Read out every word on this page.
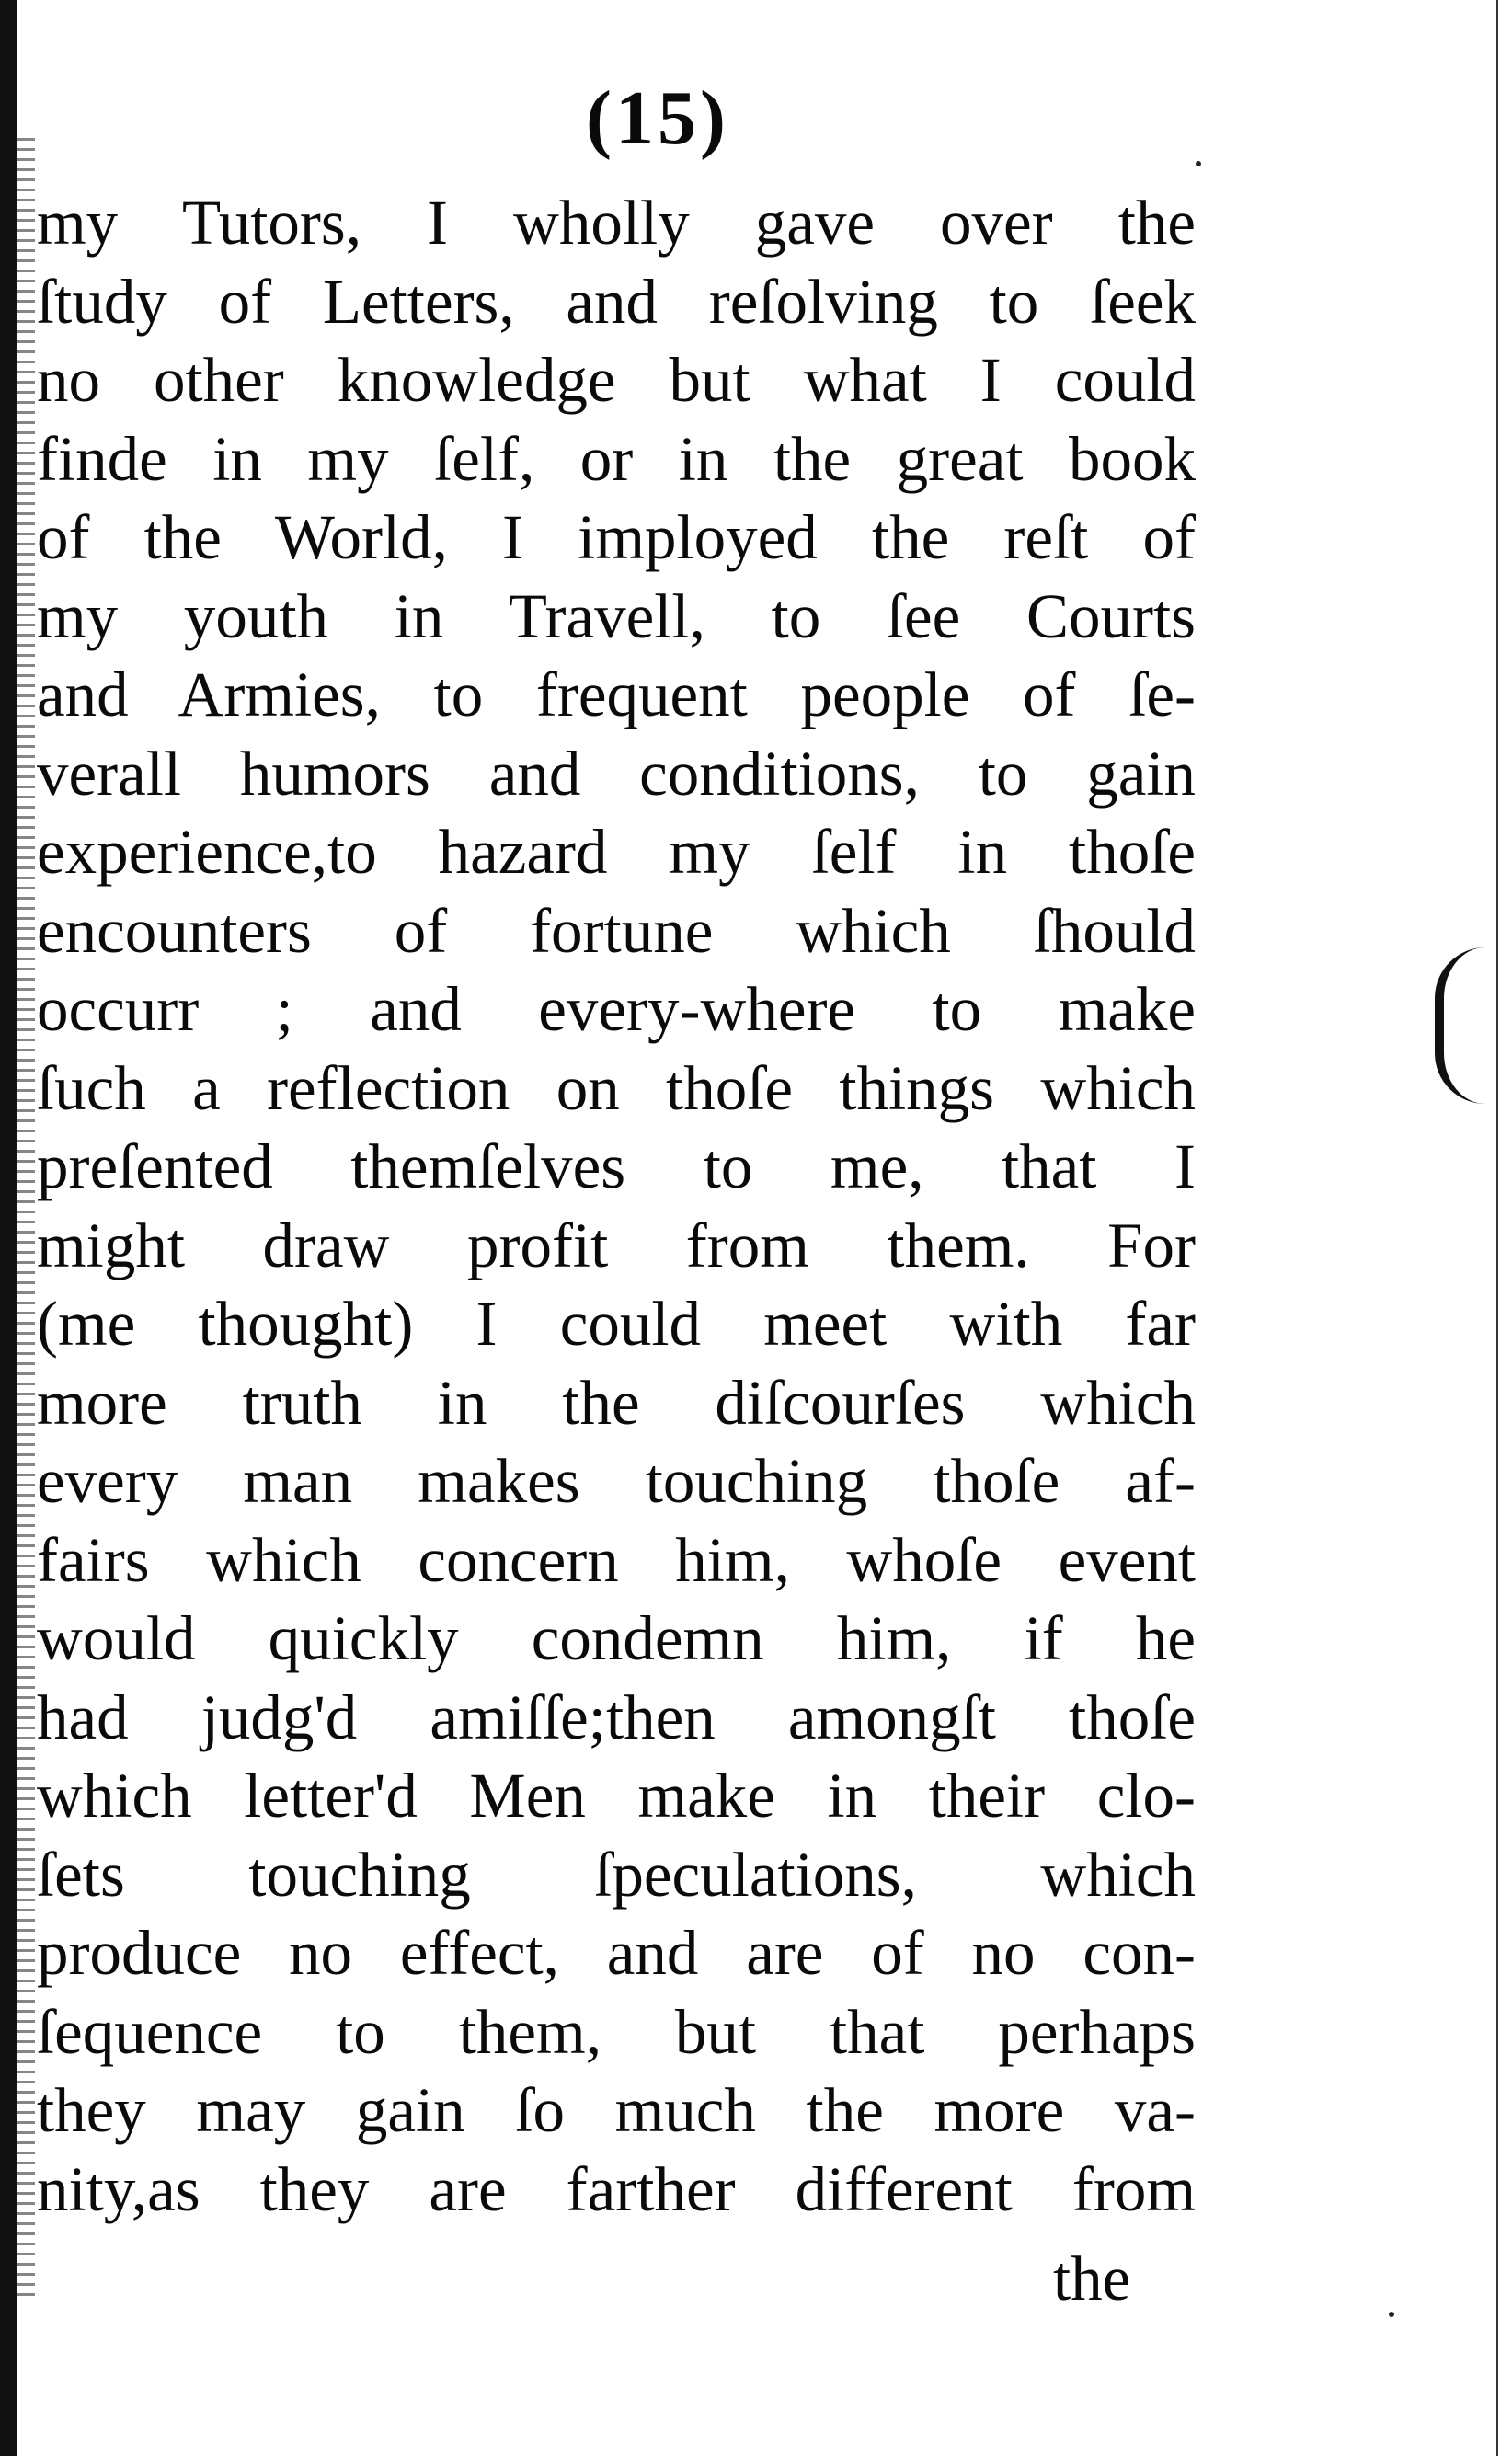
(15)
my Tutors, I wholly gave over the
ſtudy of Letters, and reſolving to ſeek
no other knowledge but what I could
finde in my ſelf, or in the great book
of the World, I imployed the reſt of
my youth in Travell, to ſee Courts
and Armies, to frequent people of ſe-
verall humors and conditions, to gain
experience,to hazard my ſelf in thoſe
encounters of fortune which ſhould
occurr ; and every-where to make
ſuch a reflection on thoſe things which
preſented themſelves to me, that I
might draw profit from them. For
(me thought) I could meet with far
more truth in the diſcourſes which
every man makes touching thoſe af-
fairs which concern him, whoſe event
would quickly condemn him, if he
had judg'd amiſſe;then amongſt thoſe
which letter'd Men make in their clo-
ſets touching ſpeculations, which
produce no effect, and are of no con-
ſequence to them, but that perhaps
they may gain ſo much the more va-
nity,as they are farther different from
the
